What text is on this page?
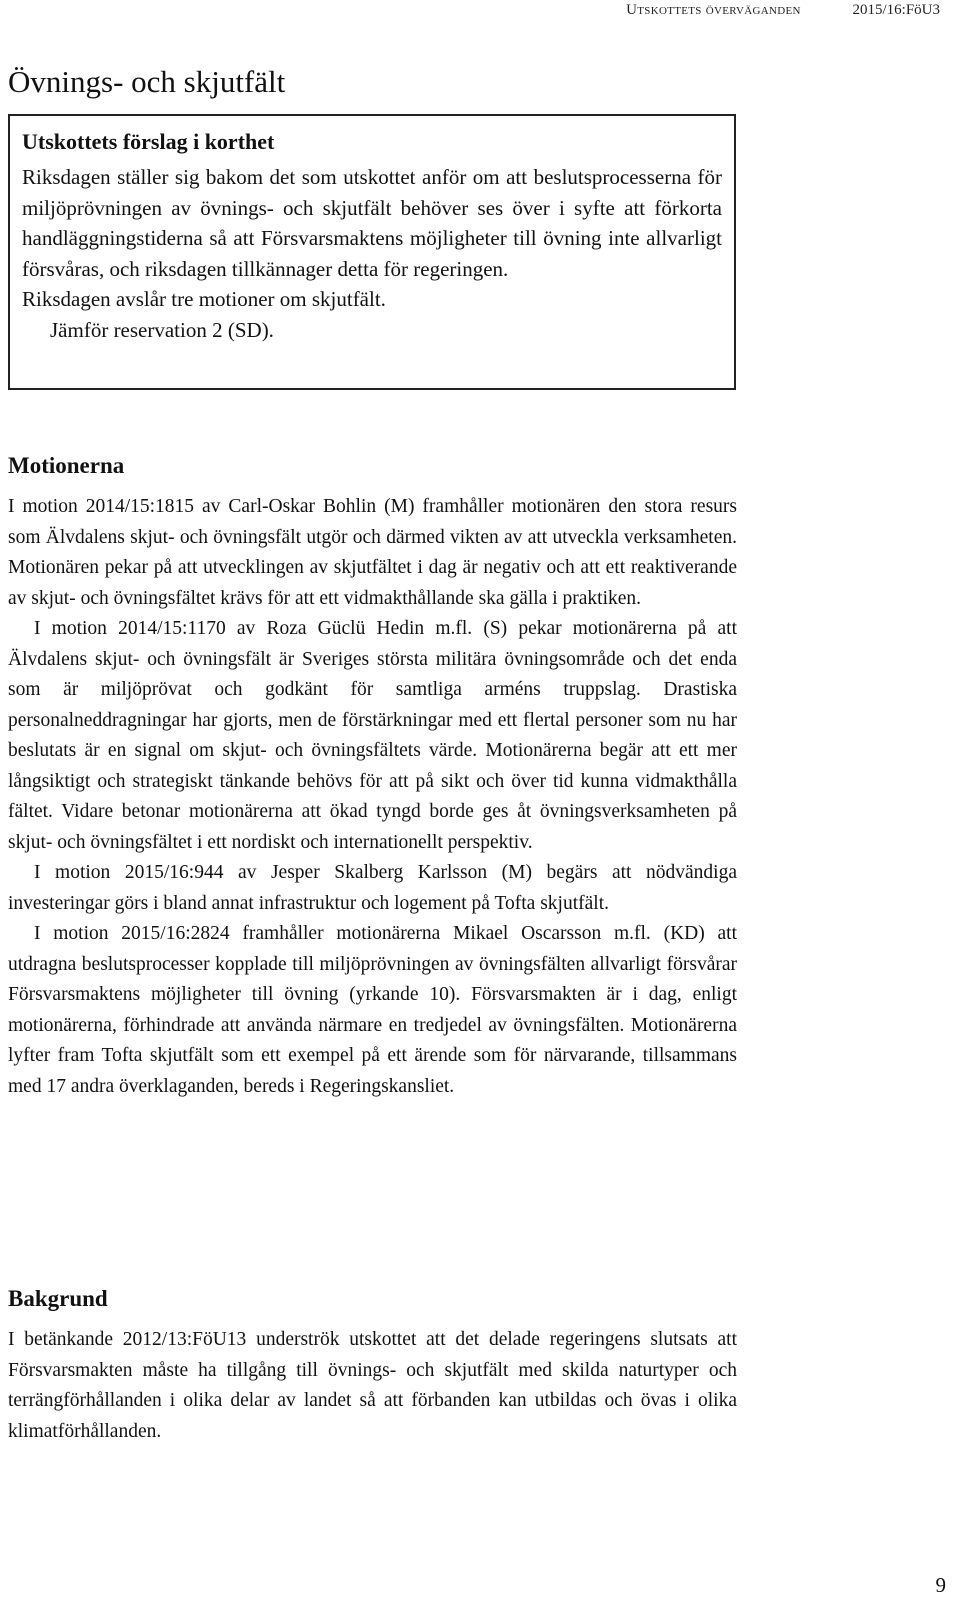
Utskottets överväganden	2015/16:FöU3
Övnings- och skjutfält
Utskottets förslag i korthet

Riksdagen ställer sig bakom det som utskottet anför om att beslutsprocesserna för miljöprövningen av övnings- och skjutfält behöver ses över i syfte att förkorta handläggningstiderna så att Försvarsmaktens möjligheter till övning inte allvarligt försvåras, och riksdagen tillkännager detta för regeringen.

Riksdagen avslår tre motioner om skjutfält.

Jämför reservation 2 (SD).

Motionerna

I motion 2014/15:1815 av Carl-Oskar Bohlin (M) framhåller motionären den stora resurs som Älvdalens skjut- och övningsfält utgör och därmed vikten av att utveckla verksamheten. Motionären pekar på att utvecklingen av skjutfältet i dag är negativ och att ett reaktiverande av skjut- och övningsfältet krävs för att ett vidmakthållande ska gälla i praktiken.

I motion 2014/15:1170 av Roza Güclü Hedin m.fl. (S) pekar motionärerna på att Älvdalens skjut- och övningsfält är Sveriges största militära övningsområde och det enda som är miljöprövat och godkänt för samtliga arméns truppslag. Drastiska personalneddragningar har gjorts, men de förstärkningar med ett flertal personer som nu har beslutats är en signal om skjut- och övningsfältets värde. Motionärerna begär att ett mer långsiktigt och strategiskt tänkande behövs för att på sikt och över tid kunna vidmakthålla fältet. Vidare betonar motionärerna att ökad tyngd borde ges åt övningsverksamheten på skjut- och övningsfältet i ett nordiskt och internationellt perspektiv.

I motion 2015/16:944 av Jesper Skalberg Karlsson (M) begärs att nödvändiga investeringar görs i bland annat infrastruktur och logement på Tofta skjutfält.

I motion 2015/16:2824 framhåller motionärerna Mikael Oscarsson m.fl. (KD) att utdragna beslutsprocesser kopplade till miljöprövningen av övningsfälten allvarligt försvårar Försvarsmaktens möjligheter till övning (yrkande 10). Försvarsmakten är i dag, enligt motionärerna, förhindrade att använda närmare en tredjedel av övningsfälten. Motionärerna lyfter fram Tofta skjutfält som ett exempel på ett ärende som för närvarande, tillsammans med 17 andra överklaganden, bereds i Regeringskansliet.

Bakgrund

I betänkande 2012/13:FöU13 underströk utskottet att det delade regeringens slutsats att Försvarsmakten måste ha tillgång till övnings- och skjutfält med skilda naturtyper och terrängförhållanden i olika delar av landet så att förbanden kan utbildas och övas i olika klimatförhållanden.

9
